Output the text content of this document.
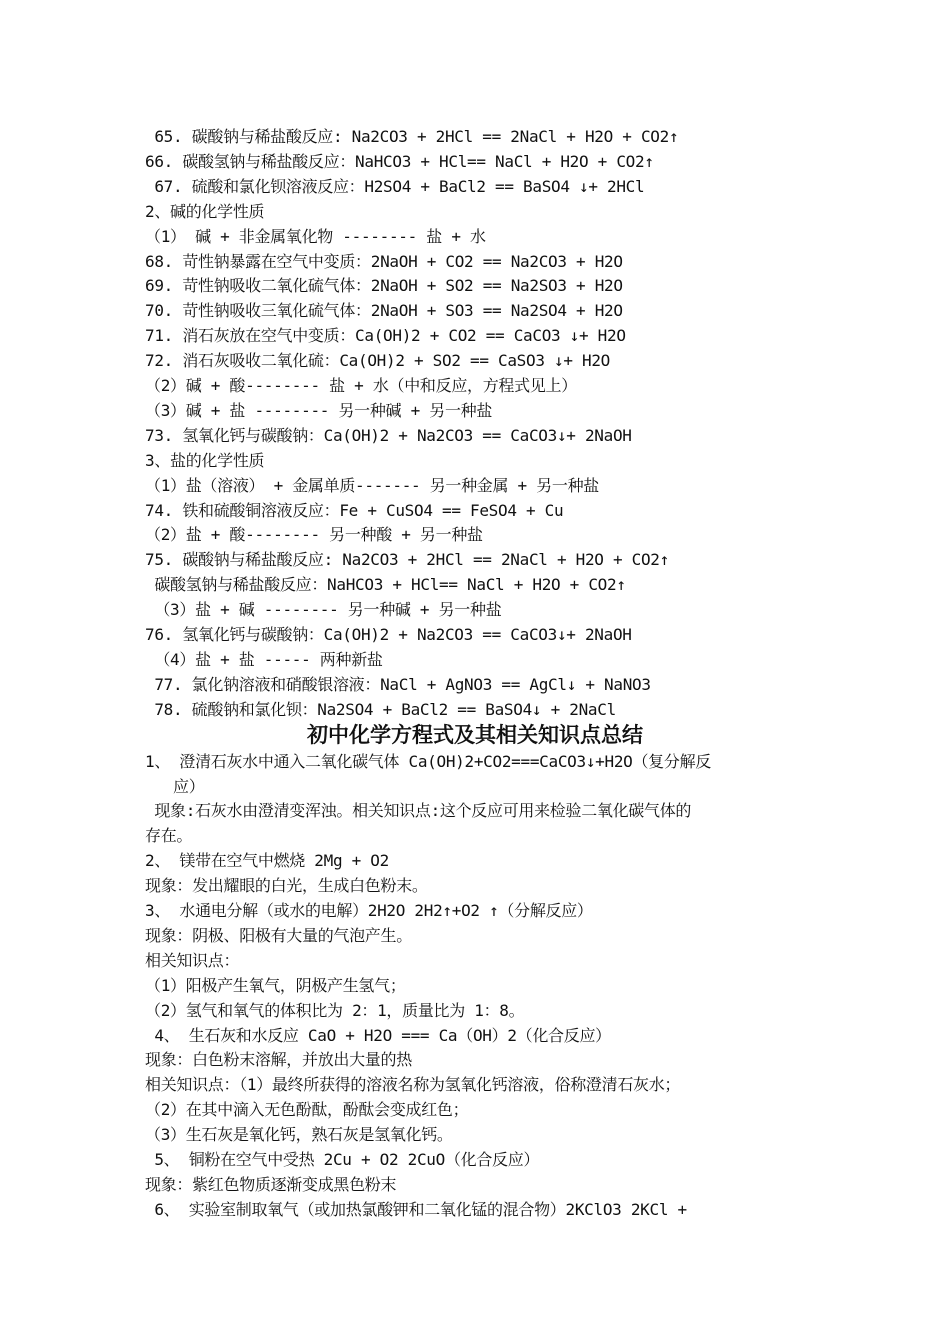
65. 碳酸钠与稀盐酸反应: Na2CO3 + 2HCl == 2NaCl + H2O + CO2↑
66. 碳酸氢钠与稀盐酸反应：NaHCO3 + HCl== NaCl + H2O + CO2↑
67. 硫酸和氯化钡溶液反应：H2SO4 + BaCl2 == BaSO4 ↓+ 2HCl
2、碱的化学性质
（1） 碱 + 非金属氧化物 -------- 盐 + 水
68. 苛性钠暴露在空气中变质：2NaOH + CO2 == Na2CO3 + H2O
69. 苛性钠吸收二氧化硫气体：2NaOH + SO2 == Na2SO3 + H2O
70. 苛性钠吸收三氧化硫气体：2NaOH + SO3 == Na2SO4 + H2O
71. 消石灰放在空气中变质：Ca(OH)2 + CO2 == CaCO3 ↓+ H2O
72. 消石灰吸收二氧化硫：Ca(OH)2 + SO2 == CaSO3 ↓+ H2O
（2）碱 + 酸-------- 盐 + 水（中和反应，方程式见上）
（3）碱 + 盐 -------- 另一种碱 + 另一种盐
73. 氢氧化钙与碳酸钠：Ca(OH)2 + Na2CO3 == CaCO3↓+ 2NaOH
3、盐的化学性质
（1）盐（溶液） + 金属单质------- 另一种金属 + 另一种盐
74. 铁和硫酸铜溶液反应：Fe + CuSO4 == FeSO4 + Cu
（2）盐 + 酸-------- 另一种酸 + 另一种盐
75. 碳酸钠与稀盐酸反应: Na2CO3 + 2HCl == 2NaCl + H2O + CO2↑
碳酸氢钠与稀盐酸反应：NaHCO3 + HCl== NaCl + H2O + CO2↑
（3）盐 + 碱 -------- 另一种碱 + 另一种盐
76. 氢氧化钙与碳酸钠：Ca(OH)2 + Na2CO3 == CaCO3↓+ 2NaOH
（4）盐 + 盐 ----- 两种新盐
77. 氯化钠溶液和硝酸银溶液：NaCl + AgNO3 == AgCl↓ + NaNO3
78. 硫酸钠和氯化钡：Na2SO4 + BaCl2 == BaSO4↓ + 2NaCl
初中化学方程式及其相关知识点总结
1、 澄清石灰水中通入二氧化碳气体 Ca(OH)2+CO2===CaCO3↓+H2O（复分解反
应）
现象:石灰水由澄清变浑浊。相关知识点:这个反应可用来检验二氧化碳气体的
存在。
2、 镁带在空气中燃烧 2Mg + O2
现象：发出耀眼的白光，生成白色粉末。
3、 水通电分解（或水的电解）2H2O 2H2↑+O2 ↑（分解反应）
现象：阴极、阳极有大量的气泡产生。
相关知识点：
（1）阳极产生氧气，阴极产生氢气；
（2）氢气和氧气的体积比为 2：1，质量比为 1：8。
4、 生石灰和水反应 CaO + H2O === Ca（OH）2（化合反应）
现象：白色粉末溶解，并放出大量的热
相关知识点：（1）最终所获得的溶液名称为氢氧化钙溶液，俗称澄清石灰水；
（2）在其中滴入无色酚酞，酚酞会变成红色；
（3）生石灰是氧化钙，熟石灰是氢氧化钙。
5、 铜粉在空气中受热 2Cu + O2 2CuO（化合反应）
现象：紫红色物质逐渐变成黑色粉末
6、 实验室制取氧气（或加热氯酸钾和二氧化锰的混合物）2KClO3 2KCl +
